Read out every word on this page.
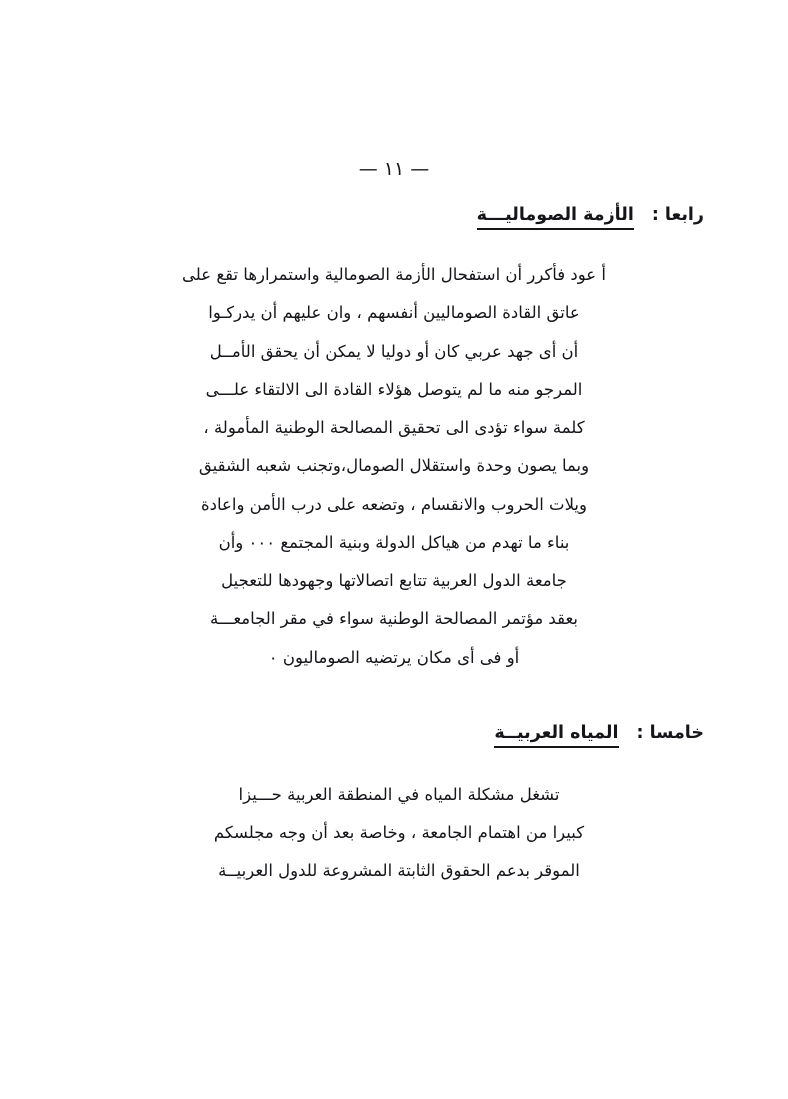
— ١١ —
رابعا :
الأزمة الصوماليـــة
أ عود فأكرر أن استفحال الأزمة الصومالية واستمرارها تقع على
عاتق القادة الصوماليين أنفسهم ، وان عليهم أن يدركـوا
أن أى جهد عربي كان أو دوليا لا يمكن أن يحقق الأمــل
المرجو منه ما لم يتوصل هؤلاء القادة الى الالتقاء علـــى
كلمة سواء تؤدى الى تحقيق المصالحة الوطنية المأمولة ،
وبما يصون وحدة واستقلال الصومال،وتجنب شعبه الشقيق
ويلات الحروب والانقسام ، وتضعه على درب الأمن واعادة
بناء ما تهدم من هياكل الدولة وبنية المجتمع ٠٠٠ وأن
جامعة الدول العربية تتابع اتصالاتها وجهودها للتعجيل
بعقد مؤتمر المصالحة الوطنية سواء في مقر الجامعـــة
أو فى أى مكان يرتضيه الصوماليون ٠
خامسا :
المياه العربيــة
تشغل مشكلة المياه في المنطقة العربية حـــيزا
كبيرا من اهتمام الجامعة ، وخاصة بعد أن وجه مجلسكم
الموقر بدعم الحقوق الثابتة المشروعة للدول العربيــة
